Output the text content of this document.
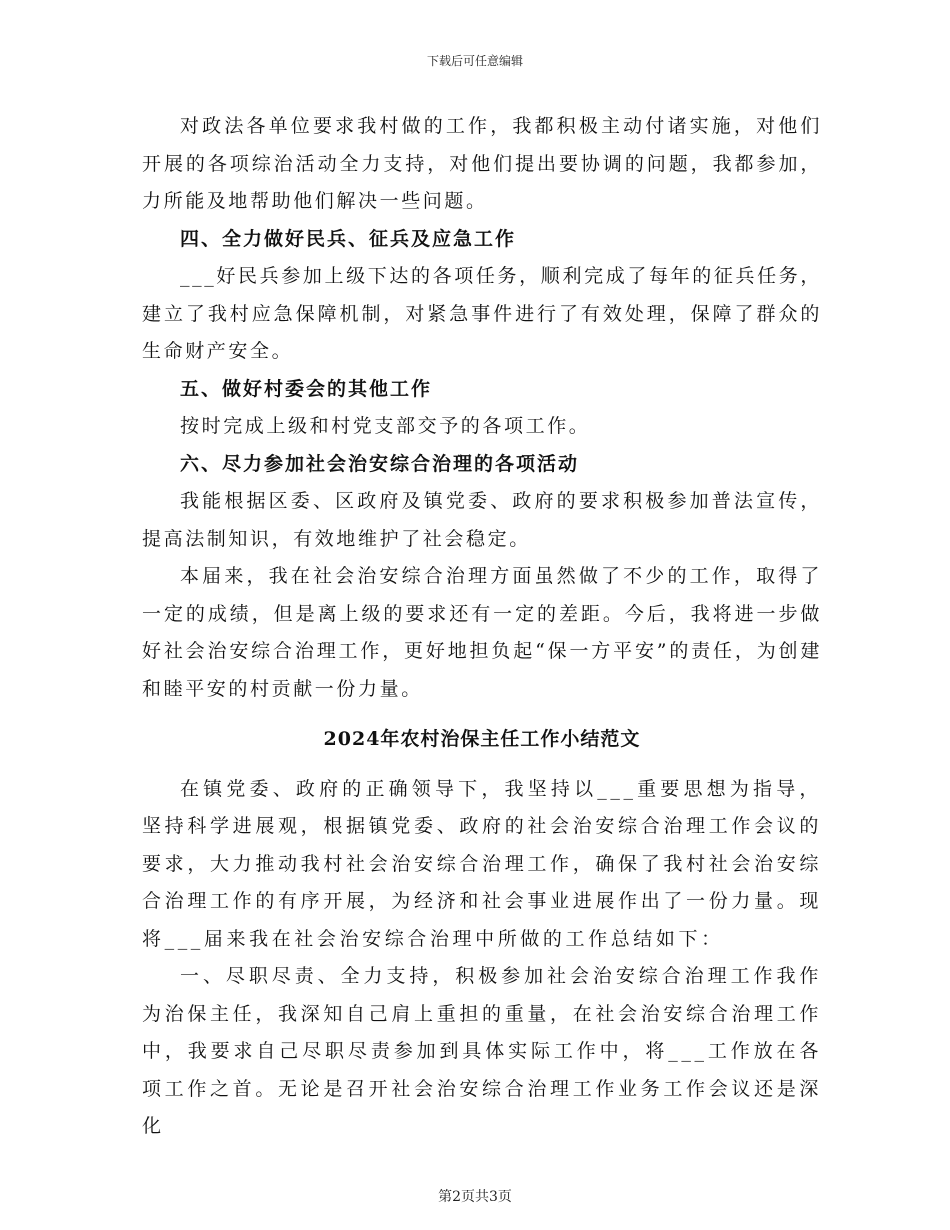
下载后可任意编辑

对政法各单位要求我村做的工作，我都积极主动付诸实施，对他们开展的各项综治活动全力支持，对他们提出要协调的问题，我都参加，力所能及地帮助他们解决一些问题。

四、全力做好民兵、征兵及应急工作

___好民兵参加上级下达的各项任务，顺利完成了每年的征兵任务，建立了我村应急保障机制，对紧急事件进行了有效处理，保障了群众的生命财产安全。

五、做好村委会的其他工作

按时完成上级和村党支部交予的各项工作。

六、尽力参加社会治安综合治理的各项活动

我能根据区委、区政府及镇党委、政府的要求积极参加普法宣传，提高法制知识，有效地维护了社会稳定。

本届来，我在社会治安综合治理方面虽然做了不少的工作，取得了一定的成绩，但是离上级的要求还有一定的差距。今后，我将进一步做好社会治安综合治理工作，更好地担负起“保一方平安”的责任，为创建和睦平安的村贡献一份力量。

2024年农村治保主任工作小结范文

在镇党委、政府的正确领导下，我坚持以___重要思想为指导，坚持科学进展观，根据镇党委、政府的社会治安综合治理工作会议的要求，大力推动我村社会治安综合治理工作，确保了我村社会治安综合治理工作的有序开展，为经济和社会事业进展作出了一份力量。现将___届来我在社会治安综合治理中所做的工作总结如下：

一、尽职尽责、全力支持，积极参加社会治安综合治理工作我作为治保主任，我深知自己肩上重担的重量，在社会治安综合治理工作中，我要求自己尽职尽责参加到具体实际工作中，将___工作放在各项工作之首。无论是召开社会治安综合治理工作业务工作会议还是深化

第2页共3页
